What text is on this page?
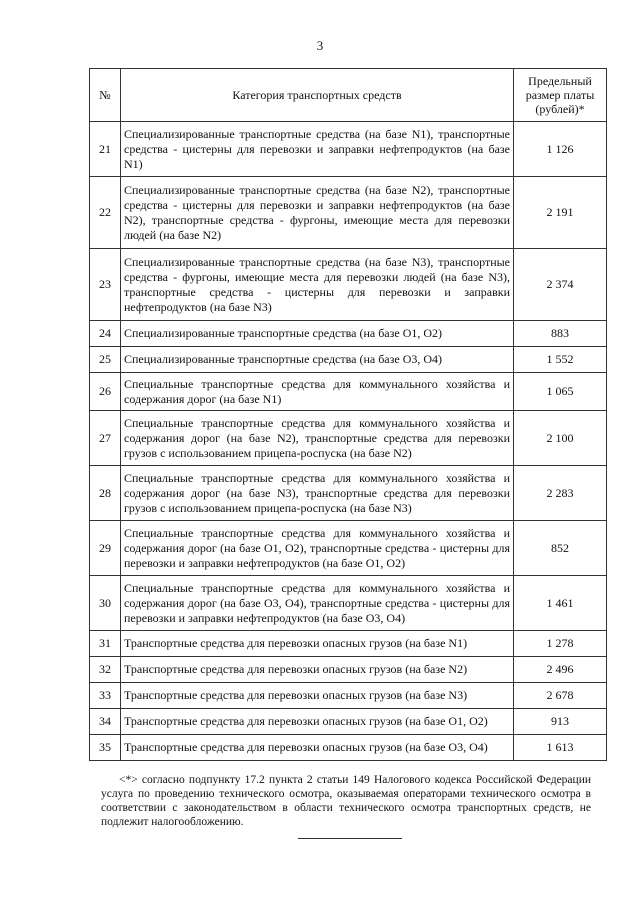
3
№	Категория транспортных средств	Предельный размер платы (рублей)*
21	Специализированные транспортные средства (на базе N1), транспортные средства - цистерны для перевозки и заправки нефтепродуктов (на базе N1)	1 126
22	Специализированные транспортные средства (на базе N2), транспортные средства - цистерны для перевозки и заправки нефтепродуктов (на базе N2), транспортные средства - фургоны, имеющие места для перевозки людей (на базе N2)	2 191
23	Специализированные транспортные средства (на базе N3), транспортные средства - фургоны, имеющие места для перевозки людей (на базе N3), транспортные средства - цистерны для перевозки и заправки нефтепродуктов (на базе N3)	2 374
24	Специализированные транспортные средства (на базе O1, O2)	883
25	Специализированные транспортные средства (на базе O3, O4)	1 552
26	Специальные транспортные средства для коммунального хозяйства и содержания дорог (на базе N1)	1 065
27	Специальные транспортные средства для коммунального хозяйства и содержания дорог (на базе N2), транспортные средства для перевозки грузов с использованием прицепа-роспуска (на базе N2)	2 100
28	Специальные транспортные средства для коммунального хозяйства и содержания дорог (на базе N3), транспортные средства для перевозки грузов с использованием прицепа-роспуска (на базе N3)	2 283
29	Специальные транспортные средства для коммунального хозяйства и содержания дорог (на базе O1, O2), транспортные средства - цистерны для перевозки и заправки нефтепродуктов (на базе O1, O2)	852
30	Специальные транспортные средства для коммунального хозяйства и содержания дорог (на базе O3, O4), транспортные средства - цистерны для перевозки и заправки нефтепродуктов (на базе O3, O4)	1 461
31	Транспортные средства для перевозки опасных грузов (на базе N1)	1 278
32	Транспортные средства для перевозки опасных грузов (на базе N2)	2 496
33	Транспортные средства для перевозки опасных грузов (на базе N3)	2 678
34	Транспортные средства для перевозки опасных грузов (на базе O1, O2)	913
35	Транспортные средства для перевозки опасных грузов (на базе O3, O4)	1 613
<*> согласно подпункту 17.2 пункта 2 статьи 149 Налогового кодекса Российской Федерации услуга по проведению технического осмотра, оказываемая операторами технического осмотра в соответствии с законодательством в области технического осмотра транспортных средств, не подлежит налогообложению.
